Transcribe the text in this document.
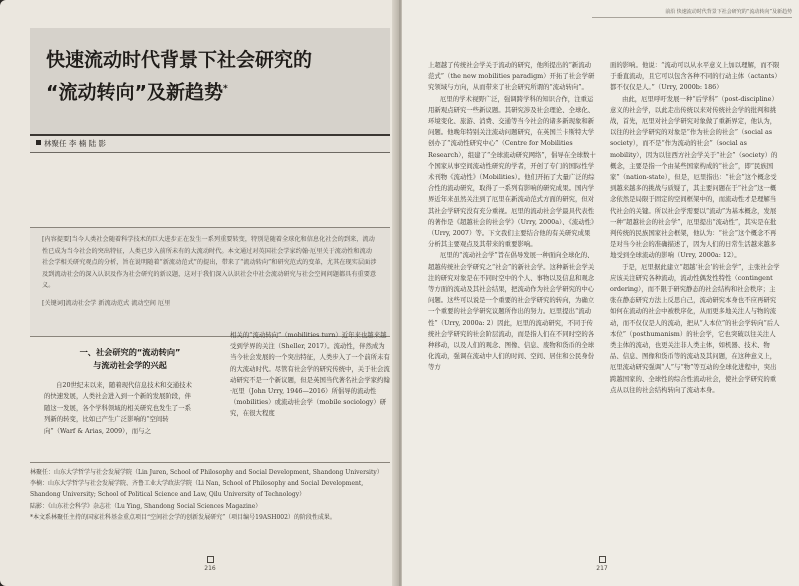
快速流动时代背景下社会研究的
“流动转向”及新趋势*
林聚任 李 楠 陆 影
[内容提要]当今人类社会随着科学技术的巨大进步正在发生一系列重要转变，特别是随着全球化和信息化社会的到来，流动性已成为当今社会的突出特征，人类已步入前所未有的大流动时代。本文通过对英国社会学家约翰·厄里关于流动性和流动社会学相关研究观点的分析，旨在说明随着“新流动范式”的提出，带来了“流动转向”和研究范式的变革，尤其在现实层面涉及到流动社会的深入认识及作为社会研究的新议题，这对于我们深入认识社会中社会流动研究与社会空间问题都具有重要意义。
[关键词]流动社会学 新流动范式 流动空间 厄里
一、社会研究的“流动转向”
与流动社会学的兴起
自20世纪末以来，随着现代信息技术和交通技术的快速发展，人类社会进入到一个新的发展阶段，伴随这一发展，各个学科领域的相关研究也发生了一系列新的转变，比如已产生广泛影响的“空间转向”（Warf & Arias, 2009），而与之
相关的“流动转向”（mobilities turn）近年来也越来越受到学界的关注（Sheller, 2017）。流动性，伴然成为当今社会发展的一个突出特征，人类步入了一个前所未有的大流动时代。尽管有社会学的研究传统中，关于社会流动研究不是一个新议题，但是英国当代著名社会学家约翰·厄里（John Urry, 1946—2016）所倡导的流动性（mobilities）或流动社会学（mobile sociology）研究，在很大程度

林聚任：山东大学哲学与社会发展学院（Lin Juren, School of Philosophy and Social Development, Shandong University）

李楠：山东大学哲学与社会发展学院、齐鲁工业大学政法学院（Li Nan, School of Philosophy and Social Development, Shandong University; School of Political Science and Law, Qilu University of Technology）

陆影：《山东社会科学》杂志社（Lu Ying, Shandong Social Sciences Magazine）

*本文系林聚任主持的国家社科基金重点项目“空间社会学的创新发展研究”（项目编号19ASH002）的阶段性成果。

216
前沿 快速流动时代背景下社会研究的“流动转向”及新趋势

上超越了传统社会学关于流动的研究，他所提出的“新流动范式”（the new mobilities paradigm）开拓了社会学研究领域与方向，从而带来了社会研究所谓的“流动转向”。

厄里的学术视野广泛，强调跨学科的知识合作，注重运用新观点研究一些新议题。其研究涉及社会理论、全球化、环境变化、旅游、消费、交通等当今社会的诸多新现象和新问题。他晚年特别关注流动问题研究，在英国兰卡斯特大学创办了“流动性研究中心”（Centre for Mobilities Research），组建了“全球流动研究网络”，倡导在全球数十个国家从事空间流动性研究的学者，开创了专门的国际性学术刊物《流动性》（Mobilities）。他们开拓了大量广泛的综合性的流动研究，取得了一系列有影响的研究成果。国内学界近年来虽然关注到了厄里在新流动范式方面的研究，但对其社会学研究没有充分重视。厄里的流动社会学最具代表性的著作是《超越社会的社会学》（Urry, 2000a）、《流动性》（Urry, 2007）等。下文我们主要结合他的有关研究成果分析其主要观点及其带来的重要影响。

厄里的“流动社会学”旨在倡导发展一种面向全球化的、超越传统社会学研究之“社会”的新社会学。这种新社会学关注的研究对象是在不同时空中的个人、事物以及信息和观念等方面的流动及其社会结果，把流动作为社会学研究的中心问题。这些可以说是一个重要的社会学研究的转向，为确立一个重要的社会学研究议题所作出的努力。厄里提出“流动性”（Urry, 2000a: 2）因此，厄里的流动研究，不同于传统社会学研究的社会阶层流动，而是指人们在不同时空的各种移动，以及人们的观念、图像、信息、废物和货币的全球化流动，强调在流动中人们的时间、空间、居住和公民身份等方

面的影响。他说：“流动可以从水平意义上加以理解，而不限于垂直流动，且它可以包含各种不同的行动主体（actants）都不仅仅是人。”（Urry, 2000b: 186）

由此，厄里呼吁发展一种“后学科”（post-discipline）意义的社会学，以此走出传统以来对传统社会学的批判和挑战，首先，厄里对社会学研究对象做了重新界定，他认为，以往的社会学研究的对象是“作为社会的社会”（social as society），而不是“作为流动的社会”（social as mobility），因为以往西方社会学关于“社会”（society）的概念，主要是指一个由某些国家构成的“社会”，即“民族国家”（nation-state），但是，厄里指出：“社会”这个概念受到越来越多的挑战与质疑了，其主要问题在于“社会”这一概念依然是局限于固定的空间框架中的，而流动性才是理解当代社会的关键。所以社会学需要以“流动”为基本概念，发展一种“超越社会的社会学”，厄里提出“流动性”，其实是在批判传统的民族国家社会框架，他认为：“社会”这个概念不再是对当今社会的准确描述了，因为人们的日常生活越来越多地受到全球流动的影响（Urry, 2000a: 12）。

于是，厄里据此建立“超越‘社会’的社会学”，主张社会学应该关注研究各种流动，流动性偶发性特性（contingent ordering），而不限于研究静态的社会结构和社会秩序；主张在静态研究方法上反思自己，流动研究本身也不应再研究如何在流动的社会中被秩序化，从而更多地关注人与物的流动，而不仅仅是人的流动，把从“人本位”的社会学转向“后人本位”（posthumanism）的社会学，它也突破以往关注人类主体的流动，也更关注非人类主体，如机器、技术、物品、信息、图像和货币等的流动及其问题，在这种意义上，厄里流动研究强调“人”与“物”等互动的全球化进程中，突出跨越国家的、全球性的综合性流动社会，使社会学研究的重点从以往的社会结构转向了流动本身。

217
